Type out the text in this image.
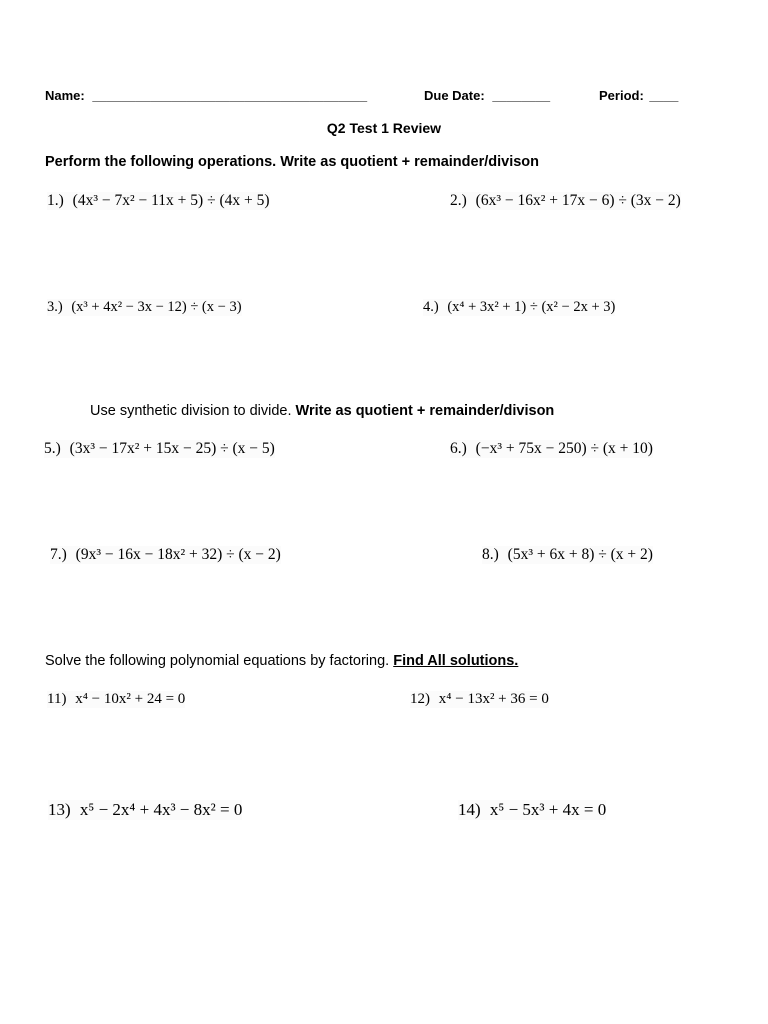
Name: ______________________________________	Due Date: ________	Period: ____
Q2 Test 1 Review
Perform the following operations. Write as quotient + remainder/divison
1.) (4x³ − 7x² − 11x + 5) ÷ (4x + 5)	2.) (6x³ − 16x² + 17x − 6) ÷ (3x − 2)
3.) (x³ + 4x² − 3x − 12) ÷ (x − 3)	4.) (x⁴ + 3x² + 1) ÷ (x² − 2x + 3)
Use synthetic division to divide. Write as quotient + remainder/divison
5.) (3x³ − 17x² + 15x − 25) ÷ (x − 5)	6.) (−x³ + 75x − 250) ÷ (x + 10)
7.) (9x³ − 16x − 18x² + 32) ÷ (x − 2)	8.) (5x³ + 6x + 8) ÷ (x + 2)
Solve the following polynomial equations by factoring. Find All solutions.
11) x⁴ − 10x² + 24 = 0	12) x⁴ − 13x² + 36 = 0
13) x⁵ − 2x⁴ + 4x³ − 8x² = 0	14) x⁵ − 5x³ + 4x = 0
